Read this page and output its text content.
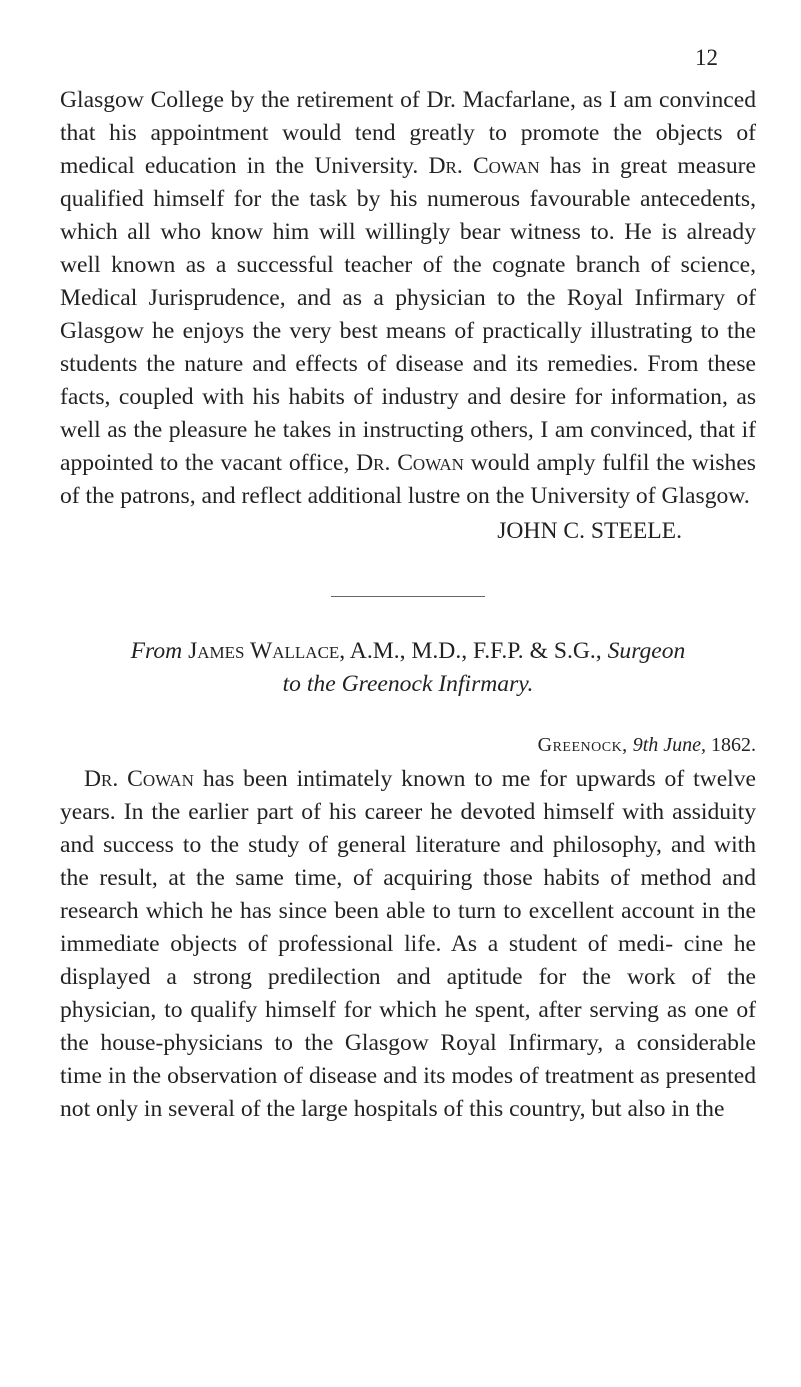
12

Glasgow College by the retirement of Dr. Macfarlane, as I am convinced that his appointment would tend greatly to promote the objects of medical education in the University. Dr. Cowan has in great measure qualified himself for the task by his numerous favourable antecedents, which all who know him will willingly bear witness to. He is already well known as a successful teacher of the cognate branch of science, Medical Jurisprudence, and as a physician to the Royal Infirmary of Glasgow he enjoys the very best means of practically illustrating to the students the nature and effects of disease and its remedies. From these facts, coupled with his habits of industry and desire for information, as well as the pleasure he takes in instructing others, I am convinced, that if appointed to the vacant office, Dr. Cowan would amply fulfil the wishes of the patrons, and reflect additional lustre on the University of Glasgow.

JOHN C. STEELE.
From James Wallace, A.M., M.D., F.F.P. & S.G., Surgeon
to the Greenock Infirmary.
Greenock, 9th June, 1862.

Dr. Cowan has been intimately known to me for upwards of twelve years. In the earlier part of his career he devoted himself with assiduity and success to the study of general literature and philosophy, and with the result, at the same time, of acquiring those habits of method and research which he has since been able to turn to excellent account in the immediate objects of professional life. As a student of medi- cine he displayed a strong predilection and aptitude for the work of the physician, to qualify himself for which he spent, after serving as one of the house-physicians to the Glasgow Royal Infirmary, a considerable time in the observation of disease and its modes of treatment as presented not only in several of the large hospitals of this country, but also in the
